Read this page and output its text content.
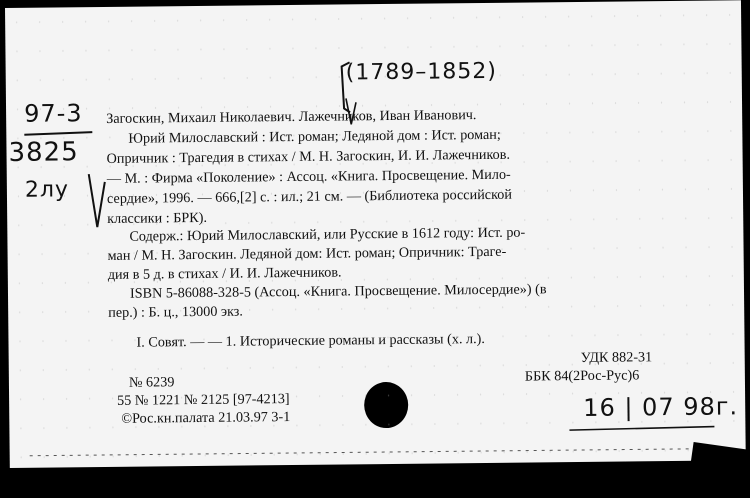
(1789–1852)
97-3
3825
2лу
Загоскин, Михаил Николаевич. Лажечников, Иван Иванович.
Юрий Милославский : Ист. роман; Ледяной дом : Ист. роман;
Опричник : Трагедия в стихах / М. Н. Загоскин, И. И. Лажечников.
— М. : Фирма «Поколение» : Ассоц. «Книга. Просвещение. Мило-
сердие», 1996. — 666,[2] с. : ил.; 21 см. — (Библиотека российской
классики : БРК).
Содерж.: Юрий Милославский, или Русские в 1612 году: Ист. ро-
ман / М. Н. Загоскин. Ледяной дом: Ист. роман; Опричник: Траге-
дия в 5 д. в стихах / И. И. Лажечников.
ISBN 5-86088-328-5 (Ассоц. «Книга. Просвещение. Милосердие») (в
пер.) : Б. ц., 13000 экз.
I. Совят. — — 1. Исторические романы и рассказы (х. л.).
УДК 882-31
ББК 84(2Рос-Рус)6
№ 6239
55 № 1221 № 2125 [97-4213]
©Рос.кн.палата 21.03.97 3-1	16 | 07 98г.
